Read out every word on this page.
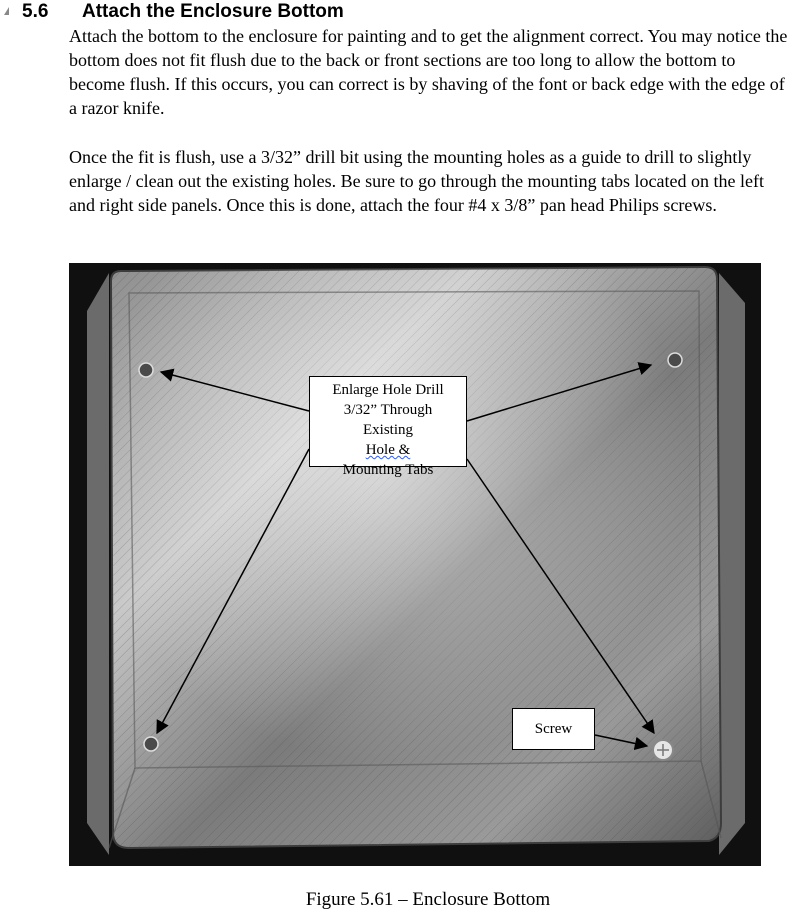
5.6 Attach the Enclosure Bottom

Attach the bottom to the enclosure for painting and to get the alignment correct. You may notice the bottom does not fit flush due to the back or front sections are too long to allow the bottom to become flush. If this occurs, you can correct is by shaving of the font or back edge with the edge of a razor knife.

Once the fit is flush, use a 3/32” drill bit using the mounting holes as a guide to drill to slightly enlarge / clean out the existing holes. Be sure to go through the mounting tabs located on the left and right side panels. Once this is done, attach the four #4 x 3/8” pan head Philips screws.

Enlarge Hole Drill
3/32” Through
Existing
Hole &
Mounting Tabs
Screw
Figure 5.61 – Enclosure Bottom
